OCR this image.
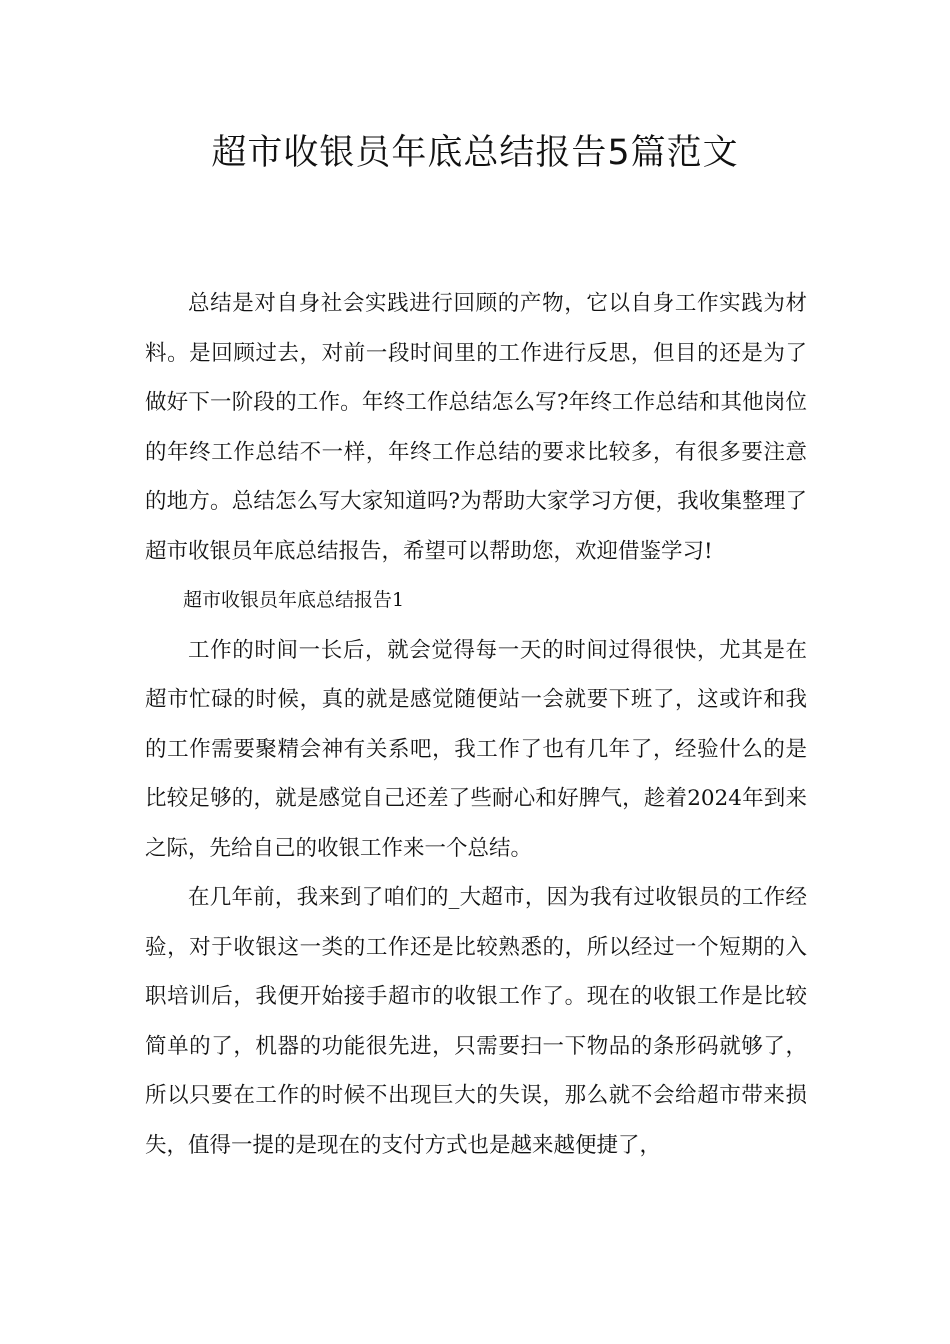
超市收银员年底总结报告5篇范文

总结是对自身社会实践进行回顾的产物，它以自身工作实践为材料。是回顾过去，对前一段时间里的工作进行反思，但目的还是为了做好下一阶段的工作。年终工作总结怎么写?年终工作总结和其他岗位的年终工作总结不一样，年终工作总结的要求比较多，有很多要注意的地方。总结怎么写大家知道吗?为帮助大家学习方便，我收集整理了超市收银员年底总结报告，希望可以帮助您，欢迎借鉴学习!

超市收银员年底总结报告1

工作的时间一长后，就会觉得每一天的时间过得很快，尤其是在超市忙碌的时候，真的就是感觉随便站一会就要下班了，这或许和我的工作需要聚精会神有关系吧，我工作了也有几年了，经验什么的是比较足够的，就是感觉自己还差了些耐心和好脾气，趁着2024年到来之际，先给自己的收银工作来一个总结。

在几年前，我来到了咱们的_大超市，因为我有过收银员的工作经验，对于收银这一类的工作还是比较熟悉的，所以经过一个短期的入职培训后，我便开始接手超市的收银工作了。现在的收银工作是比较简单的了，机器的功能很先进，只需要扫一下物品的条形码就够了，所以只要在工作的时候不出现巨大的失误，那么就不会给超市带来损失，值得一提的是现在的支付方式也是越来越便捷了，
